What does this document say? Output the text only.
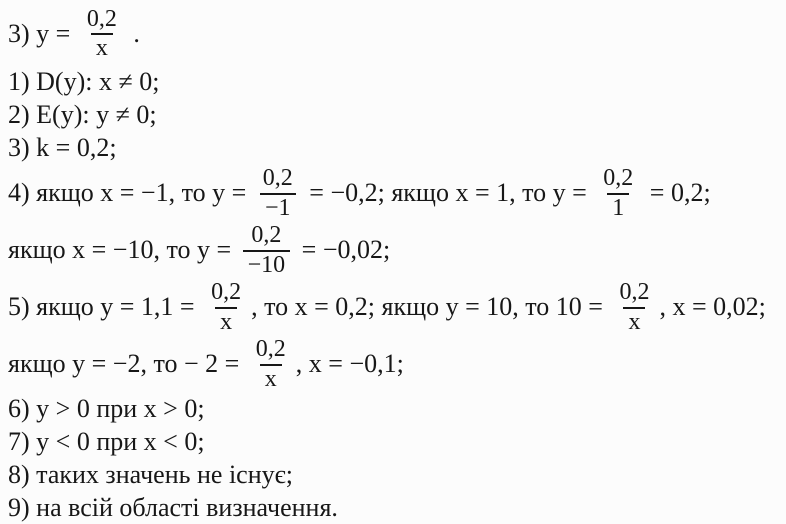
3) $y = \frac{0,2}{x}$ .
1) D(y): x ≠ 0;
2) E(y): y ≠ 0;
3) k = 0,2;
4) якщо x = −1, то $y = \frac{0,2}{-1} = -0,2$; якщо x = 1, то $y = \frac{0,2}{1} = 0,2$;
якщо x = −10, то $y = \frac{0,2}{-10} = -0,02$;
5) якщо $y = 1,1 = \frac{0,2}{x}$ , то x = 0,2; якщо y = 10, то $10 = \frac{0,2}{x}$ , x = 0,02;
якщо y = −2, то − $2 = \frac{0,2}{x}$ , x = −0,1;
6) y > 0 при x > 0;
7) y < 0 при x < 0;
8) таких значень не існує;
9) на всій області визначення.
